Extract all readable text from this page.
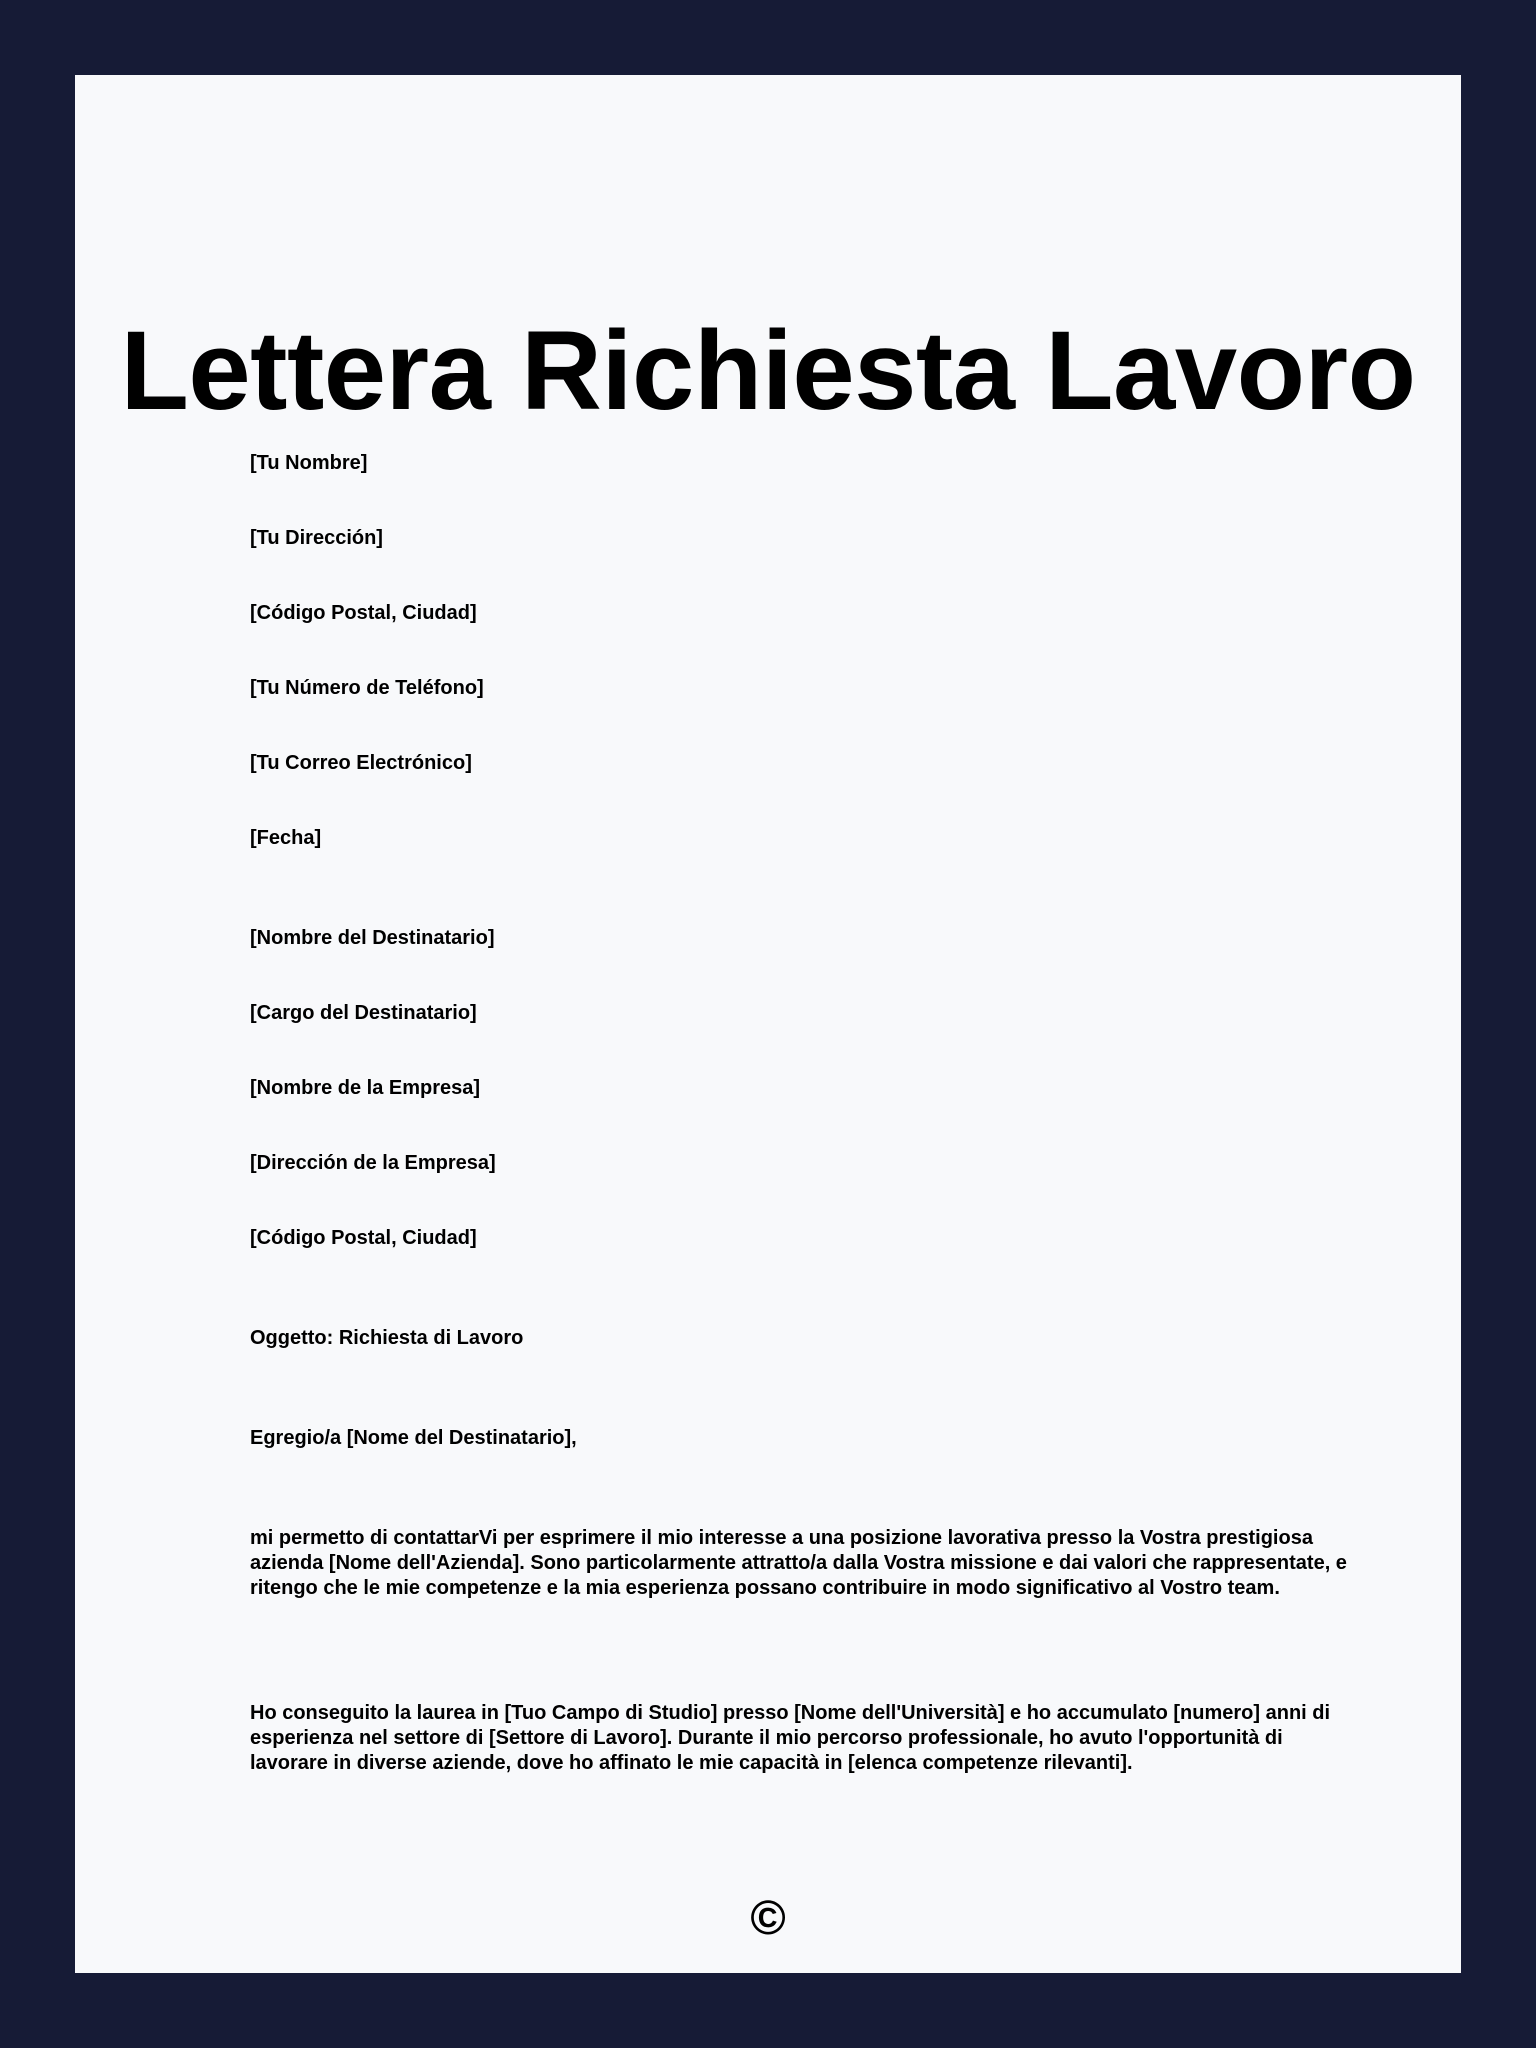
Lettera Richiesta Lavoro

[Tu Nombre]

[Tu Dirección]

[Código Postal, Ciudad]

[Tu Número de Teléfono]

[Tu Correo Electrónico]

[Fecha]

[Nombre del Destinatario]

[Cargo del Destinatario]

[Nombre de la Empresa]

[Dirección de la Empresa]

[Código Postal, Ciudad]

Oggetto: Richiesta di Lavoro

Egregio/a [Nome del Destinatario],

mi permetto di contattarVi per esprimere il mio interesse a una posizione lavorativa presso la Vostra prestigiosa azienda [Nome dell'Azienda]. Sono particolarmente attratto/a dalla Vostra missione e dai valori che rappresentate, e ritengo che le mie competenze e la mia esperienza possano contribuire in modo significativo al Vostro team.

Ho conseguito la laurea in [Tuo Campo di Studio] presso [Nome dell'Università] e ho accumulato [numero] anni di esperienza nel settore di [Settore di Lavoro]. Durante il mio percorso professionale, ho avuto l'opportunità di lavorare in diverse aziende, dove ho affinato le mie capacità in [elenca competenze rilevanti].

©
